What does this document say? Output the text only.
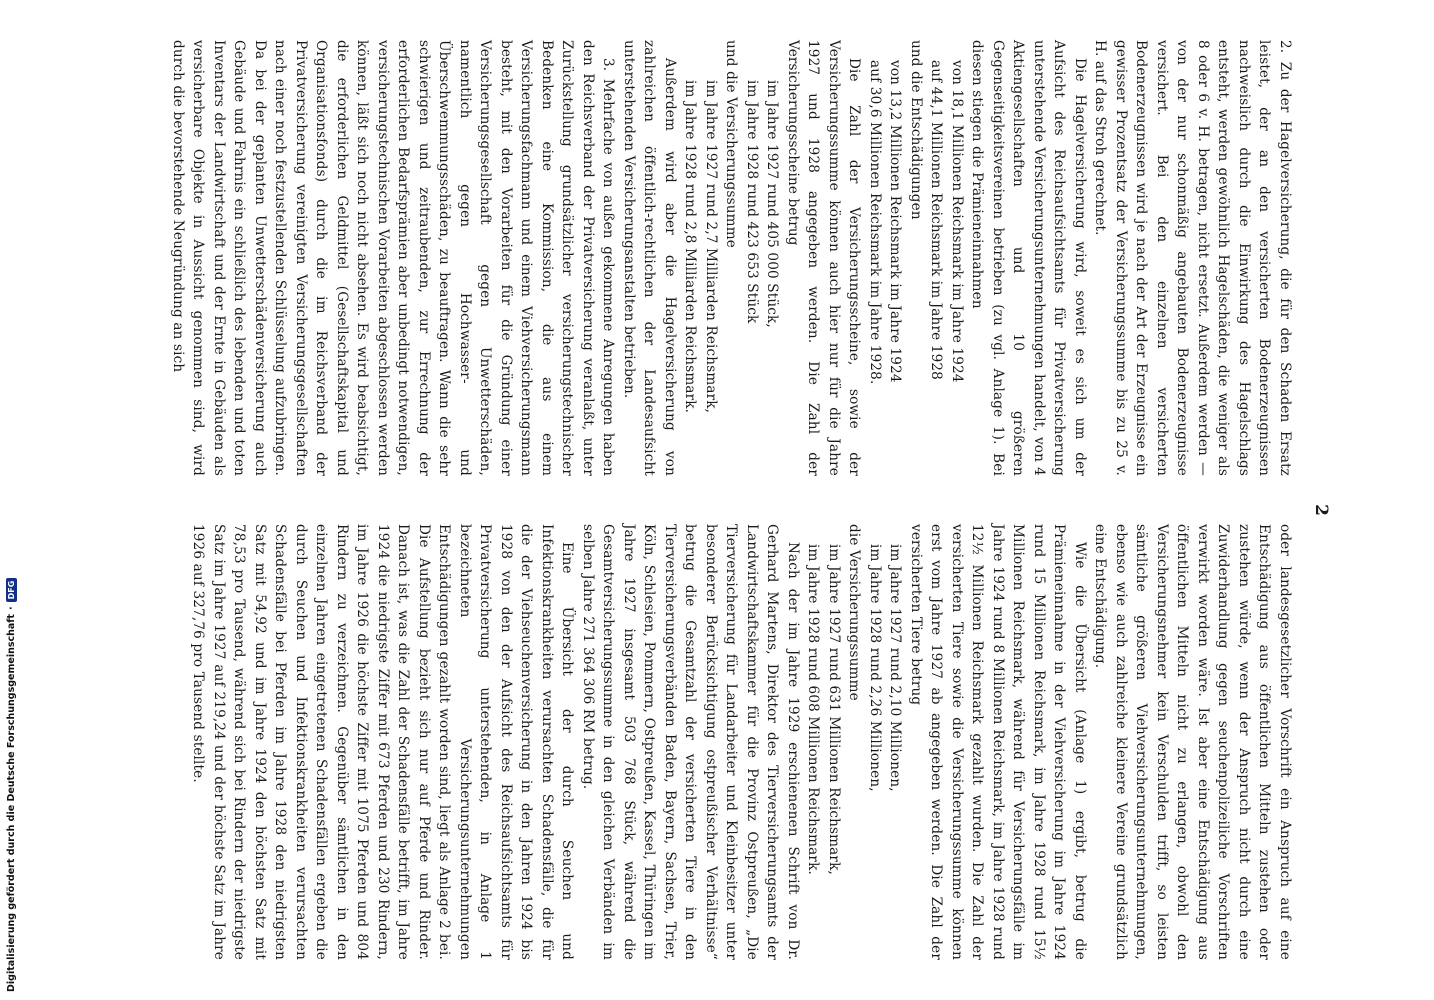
2

2. Zu der Hagelversicherung, die für den Schaden Ersatz leistet, der an den versicherten Bodenerzeugnissen nachweislich durch die Einwirkung des Hagelschlags entsteht, werden gewöhnlich Hagelschäden, die weniger als 8 oder 6 v. H. betragen, nicht ersetzt. Außerdem werden — von der nur schonmäßig angebauten Bodenerzeugnisse versichert. Bei den einzelnen versicherten Bodenerzeugnissen wird je nach der Art der Erzeugnisse ein gewisser Prozentsatz der Versicherungssumme bis zu 25 v. H. auf das Stroh gerechnet.

Die Hagelversicherung wird, soweit es sich um der Aufsicht des Reichsaufsichtsamts für Privatversicherung unterstehende Versicherungsunternehmungen handelt, von 4 Aktiengesellschaften und 10 größeren Gegenseitigkeitsvereinen betrieben (zu vgl. Anlage 1). Bei diesen stiegen die Prämieneinnahmen

von 18,1 Millionen Reichsmark im Jahre 1924
auf 44,1 Millionen Reichsmark im Jahre 1928
und die Entschädigungen
von 13,2 Millionen Reichsmark im Jahre 1924
auf 30,6 Millionen Reichsmark im Jahre 1928.

Die Zahl der Versicherungsscheine, sowie der Versicherungssumme können auch hier nur für die Jahre 1927 und 1928 angegeben werden. Die Zahl der Versicherungsscheine betrug

im Jahre 1927 rund 405 000 Stück,
im Jahre 1928 rund 423 653 Stück
und die Versicherungssumme
im Jahre 1927 rund 2,7 Milliarden Reichsmark,
im Jahre 1928 rund 2,8 Milliarden Reichsmark.

Außerdem wird aber die Hagelversicherung von zahlreichen öffentlich-rechtlichen der Landesaufsicht unterstehenden Versicherungsanstalten betrieben.

3. Mehrfache von außen gekommene Anregungen haben den Reichsverband der Privatversicherung veranlaßt, unter Zurückstellung grundsätzlicher versicherungstechnischer Bedenken eine Kommission, die aus einem Versicherungsfachmann und einem Viehversicherungsmann besteht, mit den Vorarbeiten für die Gründung einer Versicherungsgesellschaft gegen Unwetterschäden, namentlich gegen Hochwasser- und Überschwemmungsschäden, zu beauftragen. Wann die sehr schwierigen und zeitraubenden, zur Errechnung der erforderlichen Bedarfsprämien aber unbedingt notwendigen, versicherungstechnischen Vorarbeiten abgeschlossen werden können, läßt sich noch nicht absehen. Es wird beabsichtigt, die erforderlichen Geldmittel (Gesellschaftskapital und Organisationsfonds) durch die im Reichsverband der Privatversicherung vereinigten Versicherungsgesellschaften nach einer noch festzustellenden Schlüsselung aufzubringen. Da bei der geplanten Unwetterschädenversicherung auch Gebäude und Fahrnis ein schließlich des lebenden und toten Inventars der Landwirtschaft und der Ernte in Gebäuden als versicherbare Objekte in Aussicht genommen sind, wird durch die bevorstehende Neugründung an sich

oder landesgesetzlicher Vorschrift ein Anspruch auf eine Entschädigung aus öffentlichen Mitteln zustehen oder zustehen würde, wenn der Anspruch nicht durch eine Zuwiderhandlung gegen seuchenpolizeiliche Vorschriften verwirkt worden wäre. Ist aber eine Entschädigung aus öffentlichen Mitteln nicht zu erlangen, obwohl den Versicherungsnehmer kein Verschulden trifft, so leisten sämtliche größeren Viehversicherungsunternehmungen, ebenso wie auch zahlreiche kleinere Vereine grundsätzlich eine Entschädigung.

Wie die Übersicht (Anlage 1) ergibt, betrug die Prämieneinnahme in der Viehversicherung im Jahre 1924 rund 15 Millionen Reichsmark, im Jahre 1928 rund 15½ Millionen Reichsmark, während für Versicherungsfälle im Jahre 1924 rund 8 Millionen Reichsmark, im Jahre 1928 rund 12½ Millionen Reichsmark gezahlt wurden. Die Zahl der versicherten Tiere sowie die Versicherungssumme können erst vom Jahre 1927 ab angegeben werden. Die Zahl der versicherten Tiere betrug

im Jahre 1927 rund 2,10 Millionen,
im Jahre 1928 rund 2,26 Millionen,
die Versicherungssumme
im Jahre 1927 rund 631 Millionen Reichsmark,
im Jahre 1928 rund 608 Millionen Reichsmark.

Nach der im Jahre 1929 erschienenen Schrift von Dr. Gerhard Martens, Direktor des Tierversicherungsamts der Landwirtschaftskammer für die Provinz Ostpreußen, „Die Tierversicherung für Landarbeiter und Kleinbesitzer unter besonderer Berücksichtigung ostpreußischer Verhältnisse“ betrug die Gesamtzahl der versicherten Tiere in den Tierversicherungsverbänden Baden, Bayern, Sachsen, Trier, Köln, Schlesien, Pommern, Ostpreußen, Kassel, Thüringen im Jahre 1927 insgesamt 503 768 Stück, während die Gesamtversicherungssumme in den gleichen Verbänden im selben Jahre 271 364 306 RM betrug.

Eine Übersicht der durch Seuchen und Infektionskrankheiten verursachten Schadensfälle, die für die der Viehseuchenversicherung in den Jahren 1924 bis 1928 von den der Aufsicht des Reichsaufsichtsamts für Privatversicherung unterstehenden, in Anlage 1 bezeichneten Versicherungsunternehmungen Entschädigungen gezahlt worden sind, liegt als Anlage 2 bei. Die Aufstellung bezieht sich nur auf Pferde und Rinder. Danach ist, was die Zahl der Schadensfälle betrifft, im Jahre 1924 die niedrigste Ziffer mit 673 Pferden und 230 Rindern, im Jahre 1926 die höchste Ziffer mit 1075 Pferden und 804 Rindern zu verzeichnen. Gegenüber sämtlichen in den einzelnen Jahren eingetretenen Schadensfällen ergeben die durch Seuchen und Infektionskrankheiten verursachten Schadensfälle bei Pferden im Jahre 1928 den niedrigsten Satz mit 54,92 und im Jahre 1924 den höchsten Satz mit 78,53 pro Tausend, während sich bei Rindern der niedrigste Satz im Jahre 1927 auf 219,24 und der höchste Satz im Jahre 1926 auf 327,76 pro Tausend stellte.

Digitalisierung gefördert durch die Deutsche Forschungsgemeinschaft
·
DFG
